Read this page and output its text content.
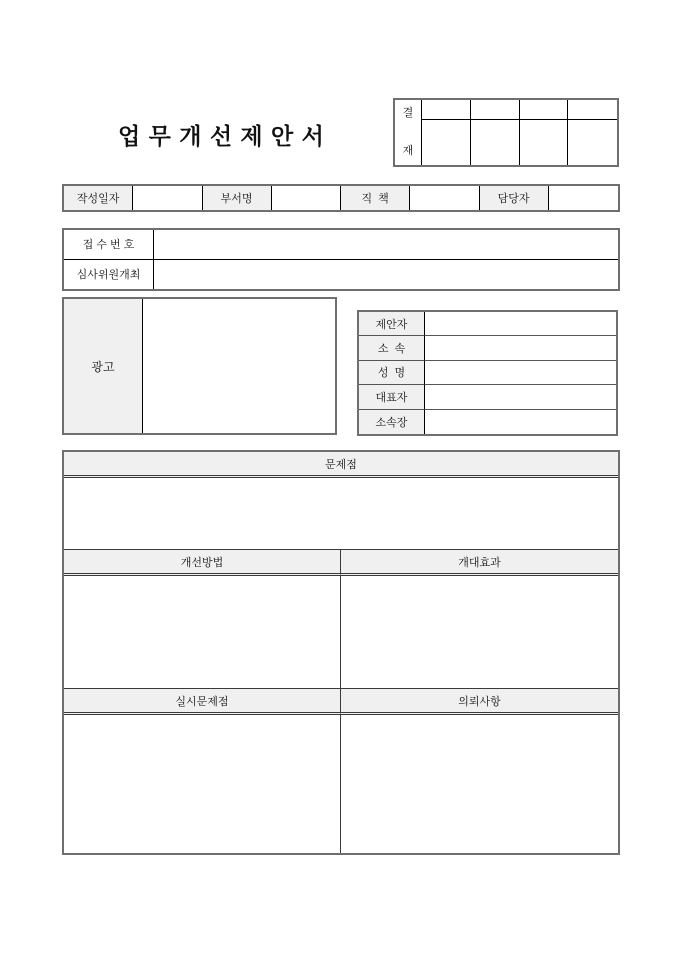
업 무 개 선 제 안 서
결
재
작성일자	부서명	직  책	담당자
접 수 번 호
심사위원개최
광고
제안자
소  속
성  명
대표자
소속장
문제점
개선방법	개대효과
실시문제점	의뢰사항
